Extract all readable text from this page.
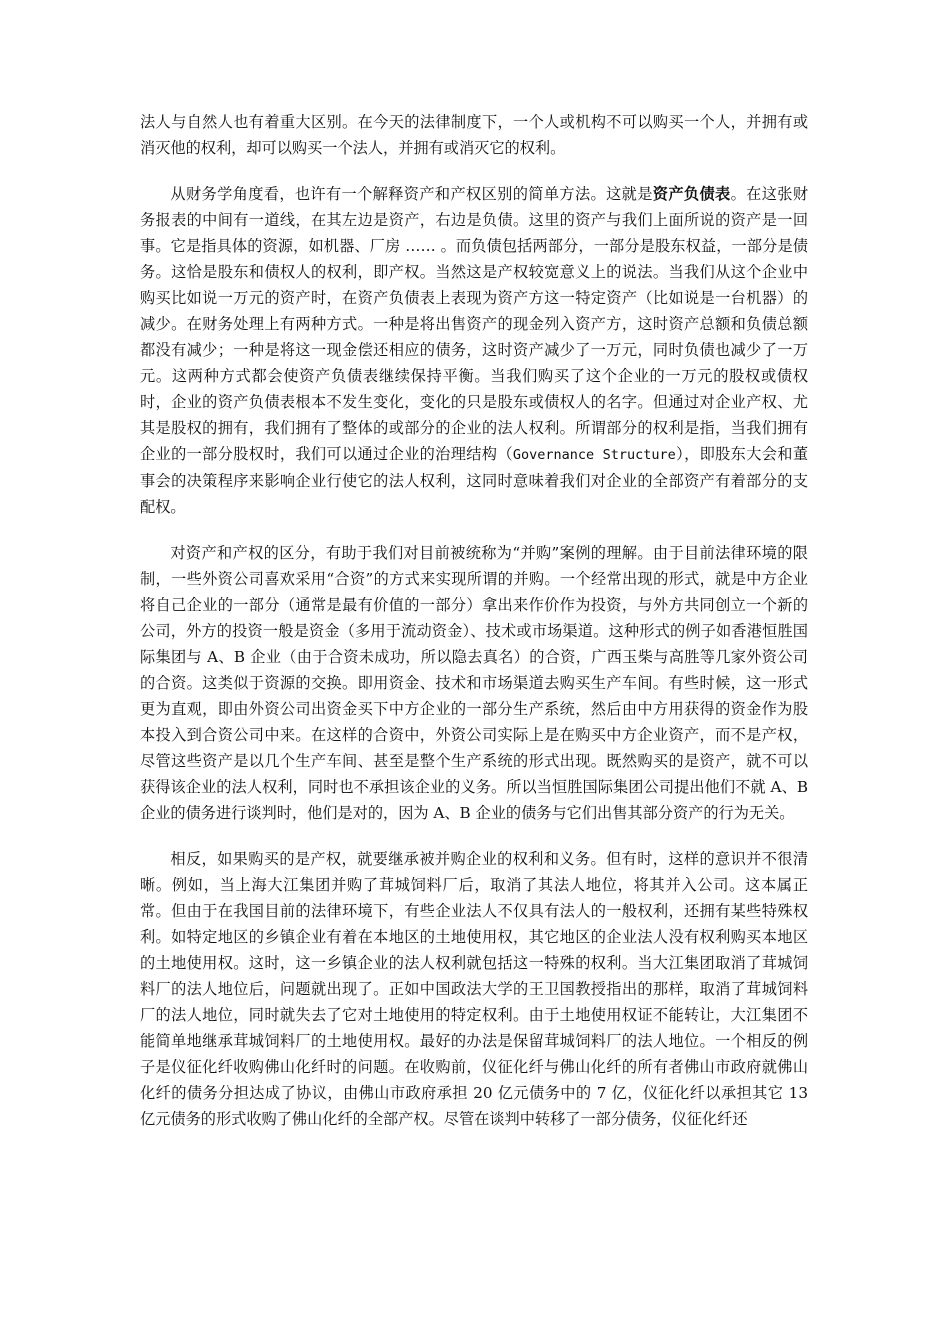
法人与自然人也有着重大区别。在今天的法律制度下，一个人或机构不可以购买一个人，并拥有或消灭他的权利，却可以购买一个法人，并拥有或消灭它的权利。

从财务学角度看，也许有一个解释资产和产权区别的简单方法。这就是资产负债表。在这张财务报表的中间有一道线，在其左边是资产，右边是负债。这里的资产与我们上面所说的资产是一回事。它是指具体的资源，如机器、厂房 …… 。而负债包括两部分，一部分是股东权益，一部分是债务。这恰是股东和债权人的权利，即产权。当然这是产权较宽意义上的说法。当我们从这个企业中购买比如说一万元的资产时，在资产负债表上表现为资产方这一特定资产（比如说是一台机器）的减少。在财务处理上有两种方式。一种是将出售资产的现金列入资产方，这时资产总额和负债总额都没有减少；一种是将这一现金偿还相应的债务，这时资产减少了一万元，同时负债也减少了一万元。这两种方式都会使资产负债表继续保持平衡。当我们购买了这个企业的一万元的股权或债权时，企业的资产负债表根本不发生变化，变化的只是股东或债权人的名字。但通过对企业产权、尤其是股权的拥有，我们拥有了整体的或部分的企业的法人权利。所谓部分的权利是指，当我们拥有企业的一部分股权时，我们可以通过企业的治理结构（Governance Structure），即股东大会和董事会的决策程序来影响企业行使它的法人权利，这同时意味着我们对企业的全部资产有着部分的支配权。

对资产和产权的区分，有助于我们对目前被统称为“并购”案例的理解。由于目前法律环境的限制，一些外资公司喜欢采用“合资”的方式来实现所谓的并购。一个经常出现的形式，就是中方企业将自己企业的一部分（通常是最有价值的一部分）拿出来作价作为投资，与外方共同创立一个新的公司，外方的投资一般是资金（多用于流动资金）、技术或市场渠道。这种形式的例子如香港恒胜国际集团与 A、B 企业（由于合资未成功，所以隐去真名）的合资，广西玉柴与高胜等几家外资公司的合资。这类似于资源的交换。即用资金、技术和市场渠道去购买生产车间。有些时候，这一形式更为直观，即由外资公司出资金买下中方企业的一部分生产系统，然后由中方用获得的资金作为股本投入到合资公司中来。在这样的合资中，外资公司实际上是在购买中方企业资产，而不是产权，尽管这些资产是以几个生产车间、甚至是整个生产系统的形式出现。既然购买的是资产，就不可以获得该企业的法人权利，同时也不承担该企业的义务。所以当恒胜国际集团公司提出他们不就 A、B 企业的债务进行谈判时，他们是对的，因为 A、B 企业的债务与它们出售其部分资产的行为无关。

相反，如果购买的是产权，就要继承被并购企业的权利和义务。但有时，这样的意识并不很清晰。例如，当上海大江集团并购了茸城饲料厂后，取消了其法人地位，将其并入公司。这本属正常。但由于在我国目前的法律环境下，有些企业法人不仅具有法人的一般权利，还拥有某些特殊权利。如特定地区的乡镇企业有着在本地区的土地使用权，其它地区的企业法人没有权利购买本地区的土地使用权。这时，这一乡镇企业的法人权利就包括这一特殊的权利。当大江集团取消了茸城饲料厂的法人地位后，问题就出现了。正如中国政法大学的王卫国教授指出的那样，取消了茸城饲料厂的法人地位，同时就失去了它对土地使用的特定权利。由于土地使用权证不能转让，大江集团不能简单地继承茸城饲料厂的土地使用权。最好的办法是保留茸城饲料厂的法人地位。一个相反的例子是仪征化纤收购佛山化纤时的问题。在收购前，仪征化纤与佛山化纤的所有者佛山市政府就佛山化纤的债务分担达成了协议，由佛山市政府承担 20 亿元债务中的 7 亿，仪征化纤以承担其它 13 亿元债务的形式收购了佛山化纤的全部产权。尽管在谈判中转移了一部分债务，仪征化纤还
